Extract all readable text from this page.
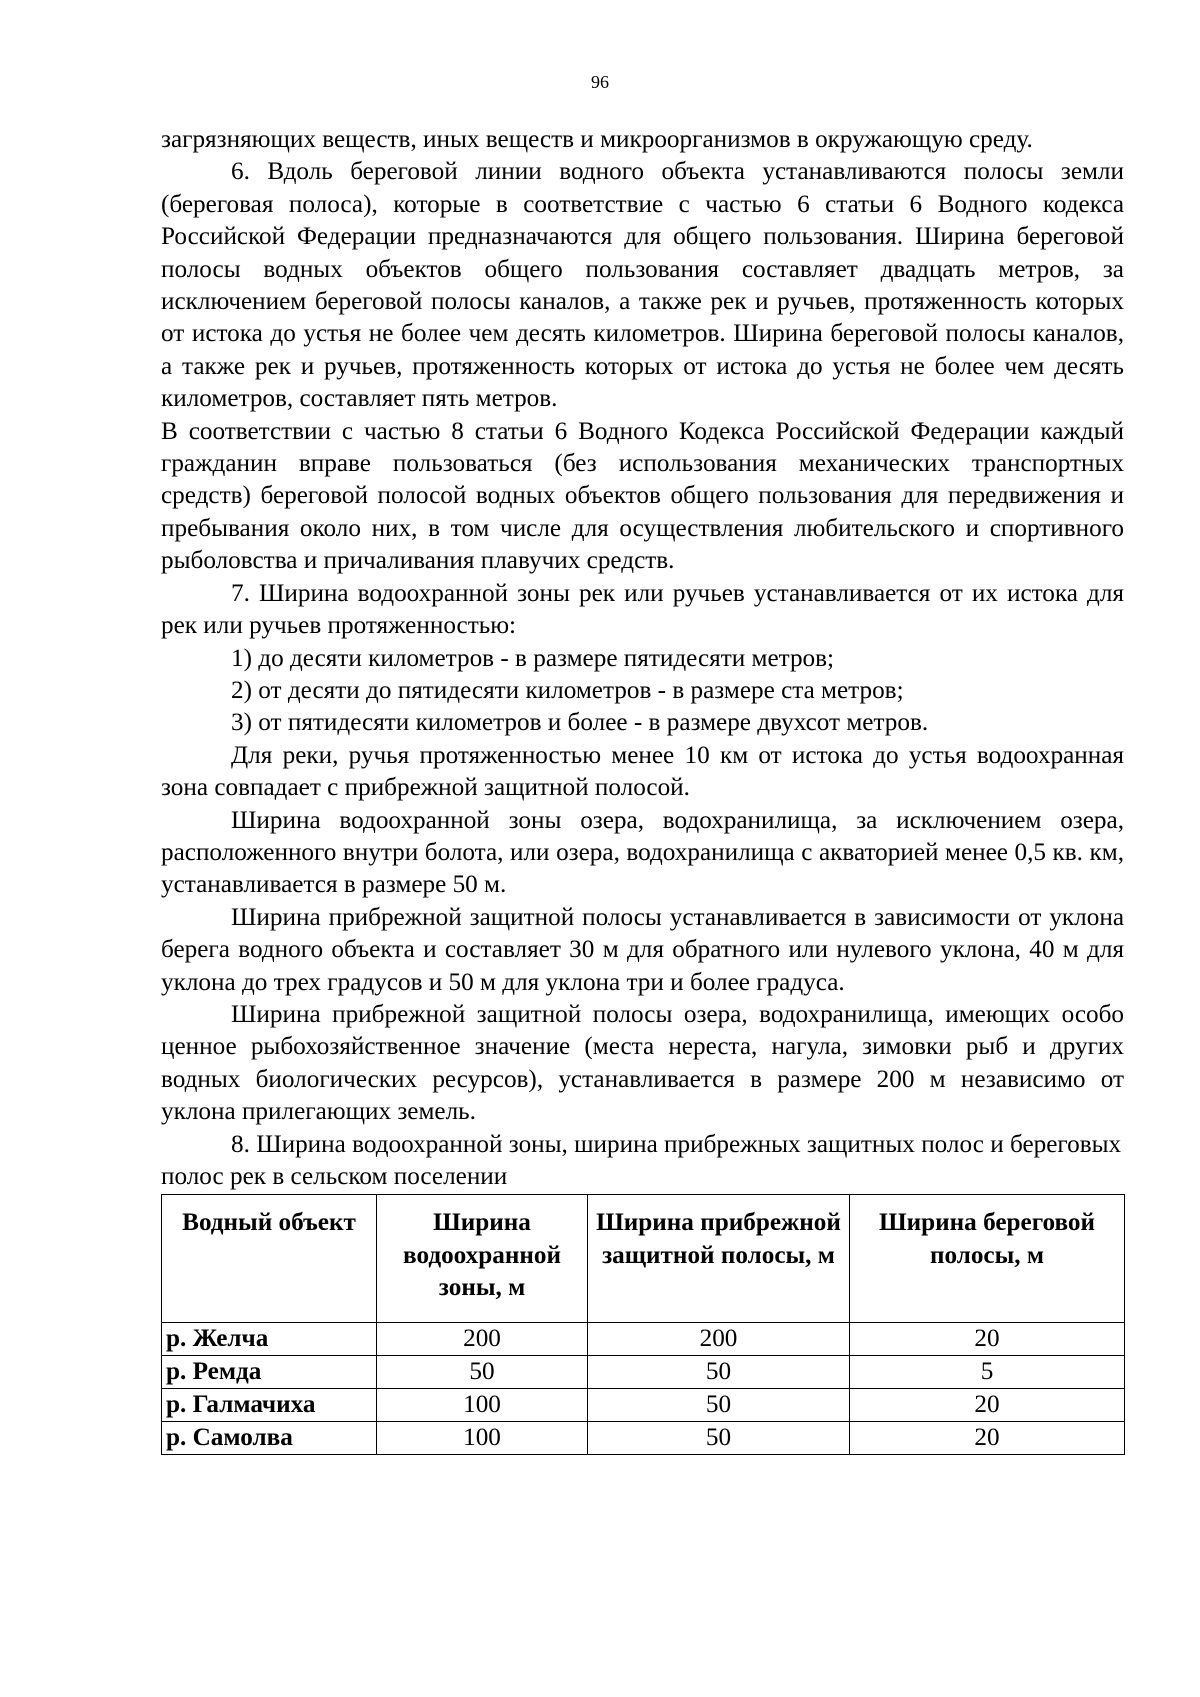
96

загрязняющих веществ, иных веществ и микроорганизмов в окружающую среду.

6. Вдоль береговой линии водного объекта устанавливаются полосы земли (береговая полоса), которые в соответствие с частью 6 статьи 6 Водного кодекса Российской Федерации предназначаются для общего пользования. Ширина береговой полосы водных объектов общего пользования составляет двадцать метров, за исключением береговой полосы каналов, а также рек и ручьев, протяженность которых от истока до устья не более чем десять километров. Ширина береговой полосы каналов, а также рек и ручьев, протяженность которых от истока до устья не более чем десять километров, составляет пять метров.

В соответствии с частью 8 статьи 6 Водного Кодекса Российской Федерации каждый гражданин вправе пользоваться (без использования механических транспортных средств) береговой полосой водных объектов общего пользования для передвижения и пребывания около них, в том числе для осуществления любительского и спортивного рыболовства и причаливания плавучих средств.

7. Ширина водоохранной зоны рек или ручьев устанавливается от их истока для рек или ручьев протяженностью:

1) до десяти километров - в размере пятидесяти метров;

2) от десяти до пятидесяти километров - в размере ста метров;

3) от пятидесяти километров и более - в размере двухсот метров.

Для реки, ручья протяженностью менее 10 км от истока до устья водоохранная зона совпадает с прибрежной защитной полосой.

Ширина водоохранной зоны озера, водохранилища, за исключением озера, расположенного внутри болота, или озера, водохранилища с акваторией менее 0,5 кв. км, устанавливается в размере 50 м.

Ширина прибрежной защитной полосы устанавливается в зависимости от уклона берега водного объекта и составляет 30 м для обратного или нулевого уклона, 40 м для уклона до трех градусов и 50 м для уклона три и более градуса.

Ширина прибрежной защитной полосы озера, водохранилища, имеющих особо ценное рыбохозяйственное значение (места нереста, нагула, зимовки рыб и других водных биологических ресурсов), устанавливается в размере 200 м независимо от уклона прилегающих земель.

8. Ширина водоохранной зоны, ширина прибрежных защитных полос и береговых полос рек в сельском поселении

Водный объект	Ширина водоохранной зоны, м	Ширина прибрежной защитной полосы, м	Ширина береговой полосы, м
р. Желча	200	200	20
р. Ремда	50	50	5
р. Галмачиха	100	50	20
р. Самолва	100	50	20
